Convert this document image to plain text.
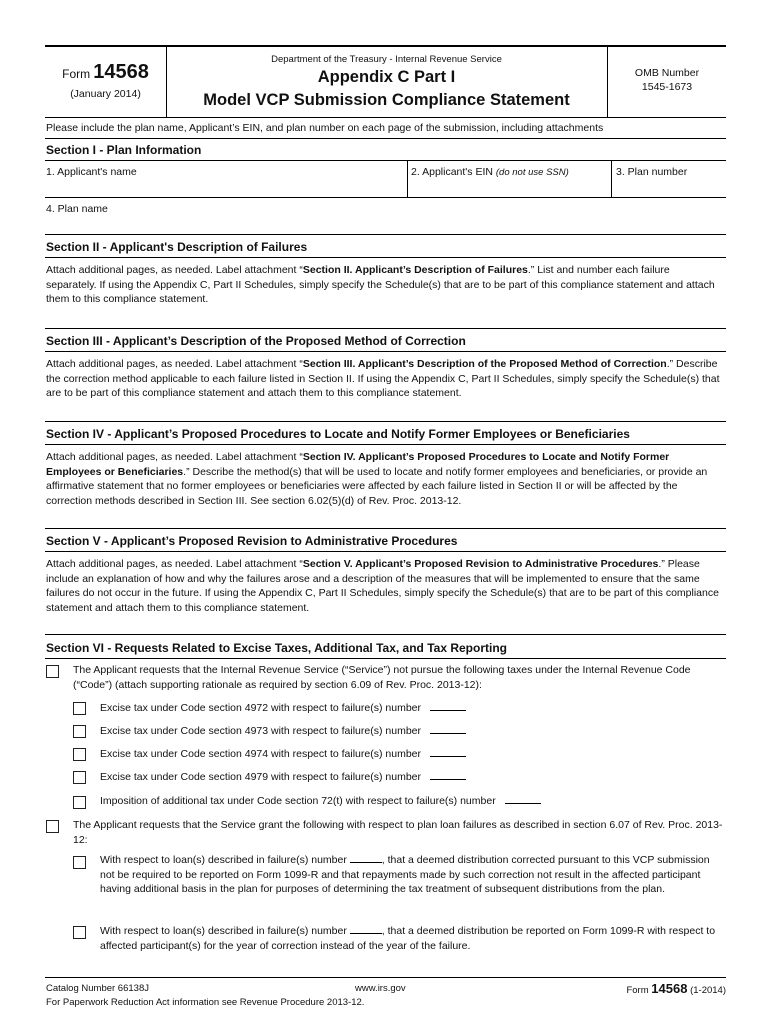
Form 14568
(January 2014)
Department of the Treasury - Internal Revenue Service
Appendix C Part I
Model VCP Submission Compliance Statement
OMB Number
1545-1673
Please include the plan name, Applicant’s EIN, and plan number on each page of the submission, including attachments
Section I - Plan Information
1. Applicant's name	2. Applicant's EIN (do not use SSN)	3. Plan number
4. Plan name
Section II - Applicant's Description of Failures
Attach additional pages, as needed. Label attachment “Section II. Applicant’s Description of Failures.” List and number each failure separately. If using the Appendix C, Part II Schedules, simply specify the Schedule(s) that are to be part of this compliance statement and attach them to this compliance statement.
Section III - Applicant’s Description of the Proposed Method of Correction
Attach additional pages, as needed. Label attachment “Section III. Applicant’s Description of the Proposed Method of Correction.” Describe the correction method applicable to each failure listed in Section II. If using the Appendix C, Part II Schedules, simply specify the Schedule(s) that are to be part of this compliance statement and attach them to this compliance statement.
Section IV - Applicant’s Proposed Procedures to Locate and Notify Former Employees or Beneficiaries
Attach additional pages, as needed. Label attachment “Section IV. Applicant’s Proposed Procedures to Locate and Notify Former Employees or Beneficiaries.” Describe the method(s) that will be used to locate and notify former employees and beneficiaries, or provide an affirmative statement that no former employees or beneficiaries were affected by each failure listed in Section II or will be affected by the correction methods described in Section III. See section 6.02(5)(d) of Rev. Proc. 2013-12.
Section V - Applicant’s Proposed Revision to Administrative Procedures
Attach additional pages, as needed. Label attachment “Section V. Applicant’s Proposed Revision to Administrative Procedures.” Please include an explanation of how and why the failures arose and a description of the measures that will be implemented to ensure that the same failures do not occur in the future. If using the Appendix C, Part II Schedules, simply specify the Schedule(s) that are to be part of this compliance statement and attach them to this compliance statement.
Section VI - Requests Related to Excise Taxes, Additional Tax, and Tax Reporting
The Applicant requests that the Internal Revenue Service (“Service”) not pursue the following taxes under the Internal Revenue Code (“Code”) (attach supporting rationale as required by section 6.09 of Rev. Proc. 2013-12):
Excise tax under Code section 4972 with respect to failure(s) number
Excise tax under Code section 4973 with respect to failure(s) number
Excise tax under Code section 4974 with respect to failure(s) number
Excise tax under Code section 4979 with respect to failure(s) number
Imposition of additional tax under Code section 72(t) with respect to failure(s) number
The Applicant requests that the Service grant the following with respect to plan loan failures as described in section 6.07 of Rev. Proc. 2013-12:
With respect to loan(s) described in failure(s) number	, that a deemed distribution corrected pursuant to this VCP submission not be required to be reported on Form 1099-R and that repayments made by such correction not result in the affected participant having additional basis in the plan for purposes of determining the tax treatment of subsequent distributions from the plan.
With respect to loan(s) described in failure(s) number	, that a deemed distribution be reported on Form 1099-R with respect to affected participant(s) for the year of correction instead of the year of the failure.
Catalog Number 66138J	www.irs.gov	Form 14568 (1-2014)
For Paperwork Reduction Act information see Revenue Procedure 2013-12.
